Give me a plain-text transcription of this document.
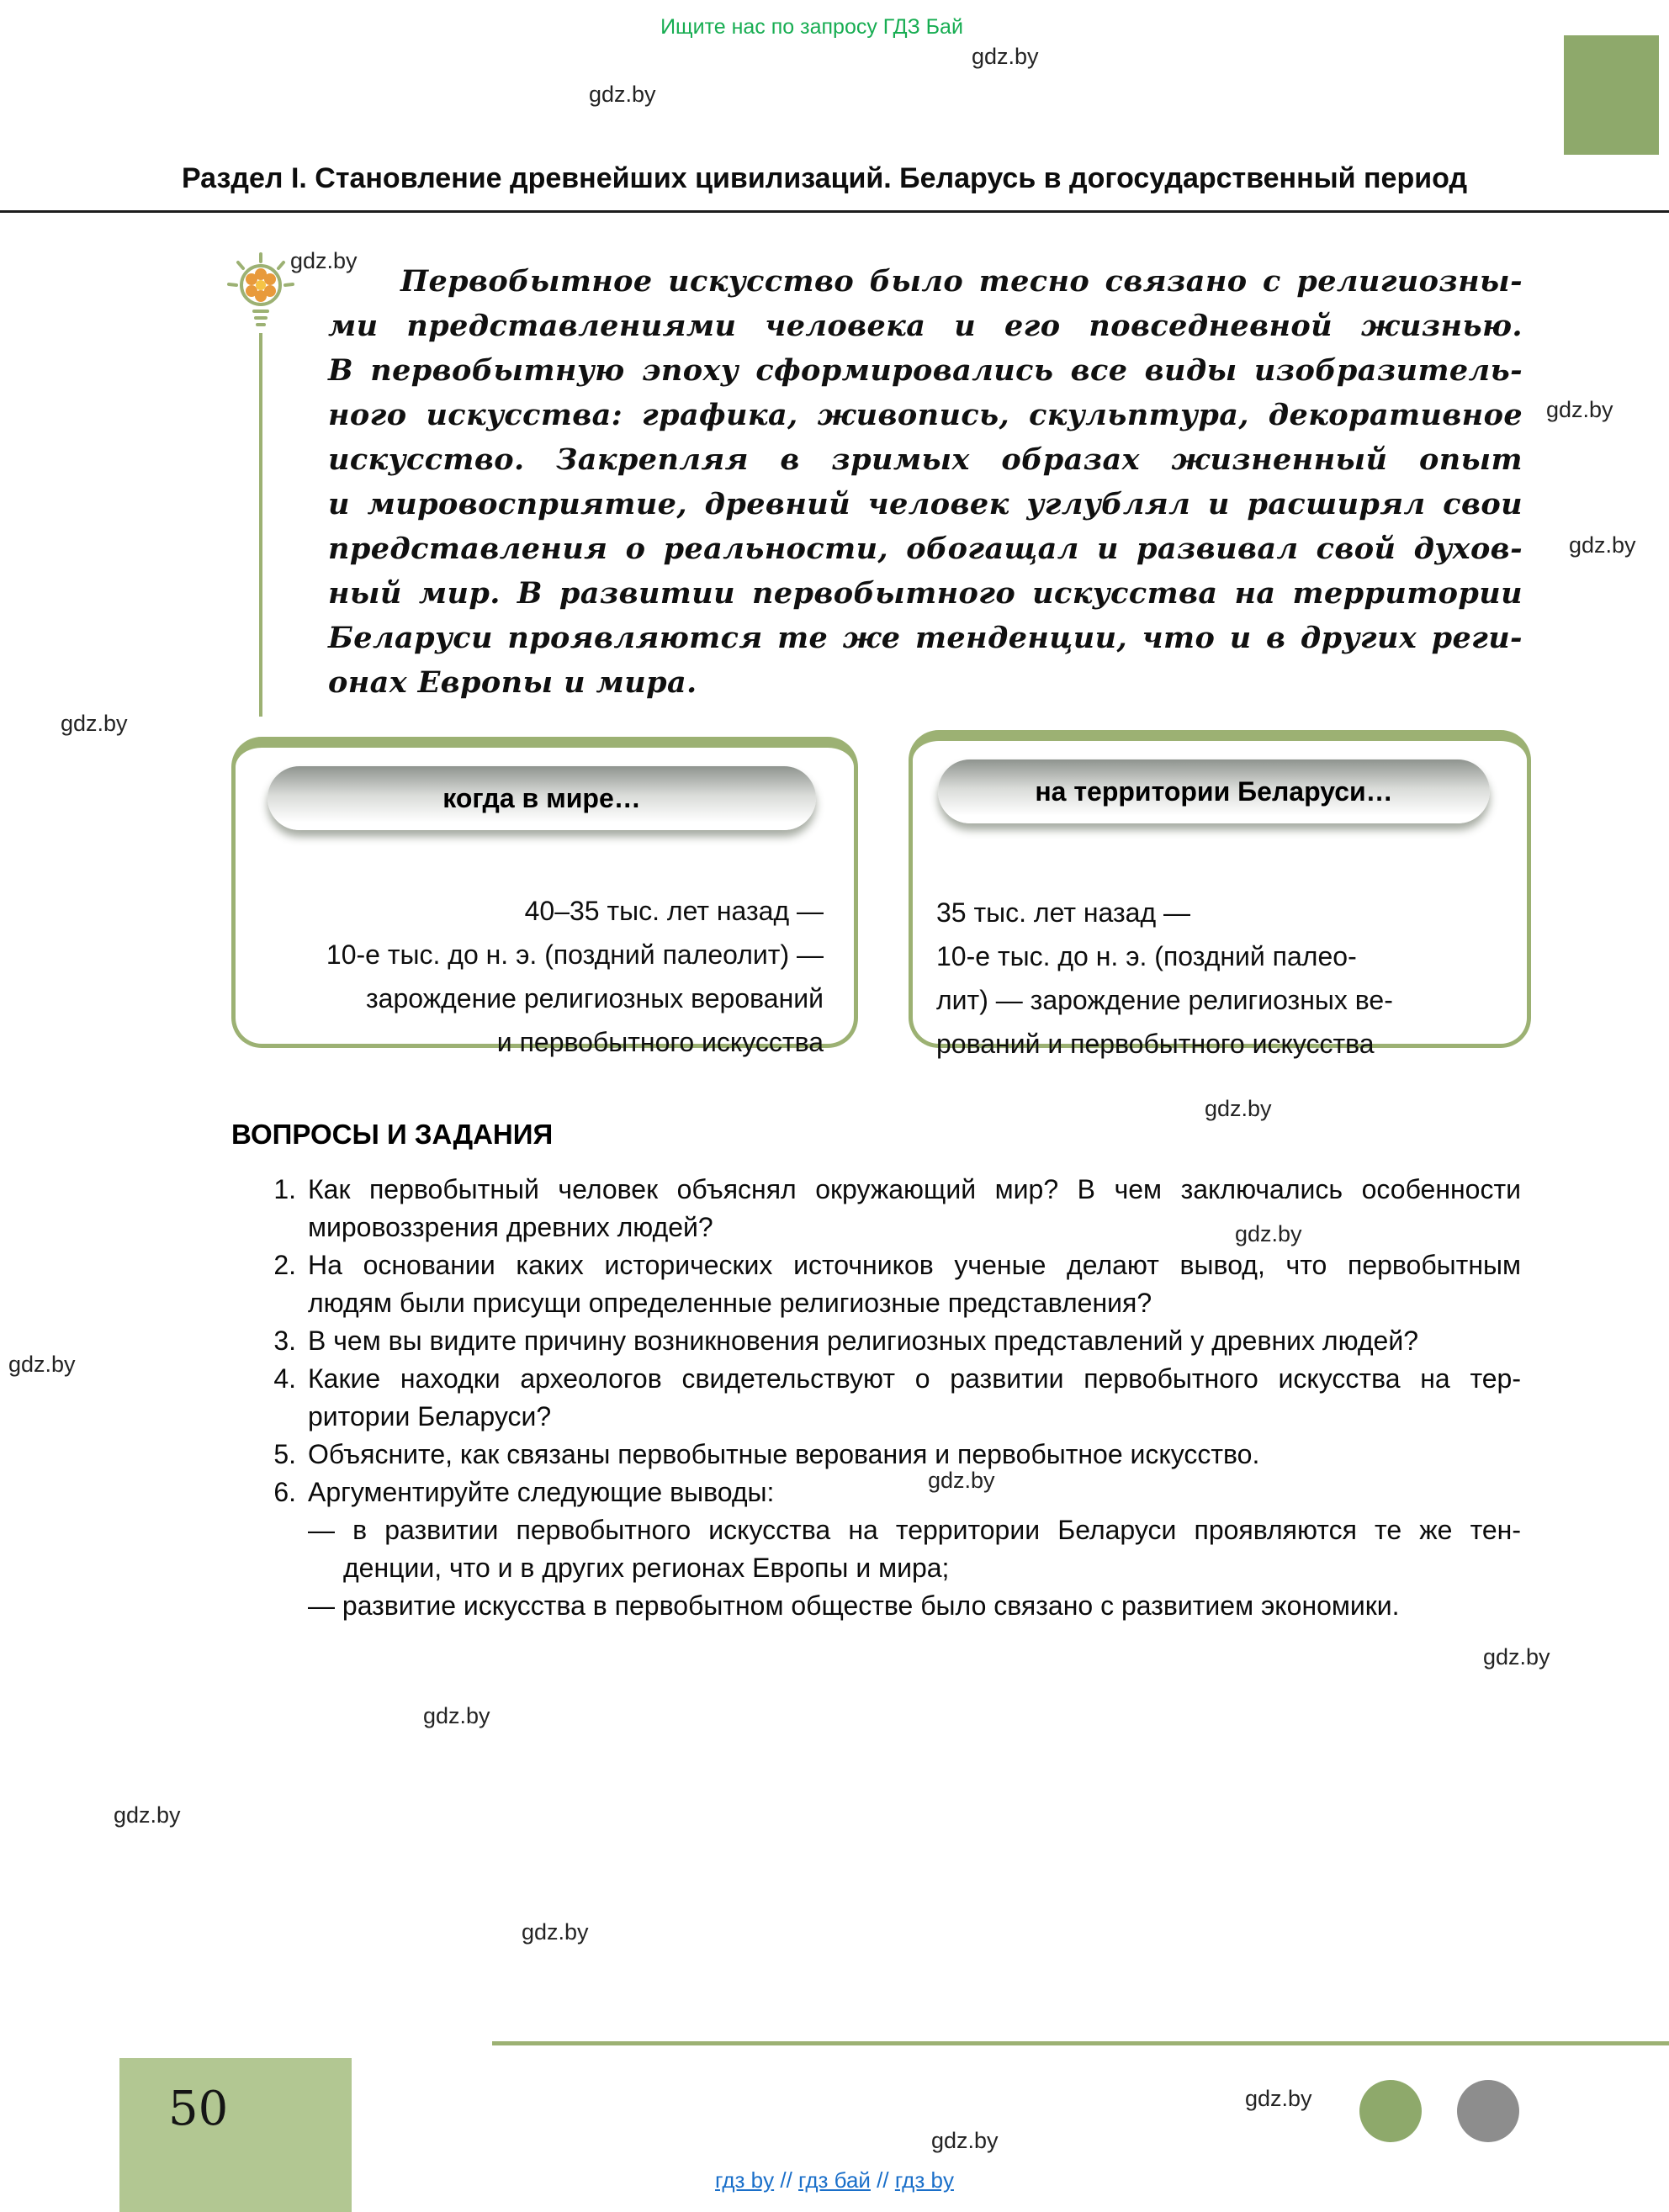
Ищите нас по запросу ГДЗ Бай
gdz.by
gdz.by
gdz.by
gdz.by
gdz.by
gdz.by
gdz.by
gdz.by
gdz.by
gdz.by
gdz.by
gdz.by
gdz.by
gdz.by
gdz.by
gdz.by
Раздел I. Становление древнейших цивилизаций. Беларусь в догосударственный период
Первобытное искусство было тесно связано с религиозны-
ми представлениями человека и его повседневной жизнью.
В первобытную эпоху сформировались все виды изобразитель-
ного искусства: графика, живопись, скульптура, декоративное
искусство. Закрепляя в зримых образах жизненный опыт
и мировосприятие, древний человек углублял и расширял свои
представления о реальности, обогащал и развивал свой духов-
ный мир. В развитии первобытного искусства на территории
Беларуси проявляются те же тенденции, что и в других реги-
онах Европы и мира.
когда в мире…
40–35 тыс. лет назад —
10-е тыс. до н. э. (поздний палеолит) —
зарождение религиозных верований
и первобытного искусства
на территории Беларуси…
35 тыс. лет назад —
10-е тыс. до н. э. (поздний палео-
лит) — зарождение религиозных ве-
рований и первобытного искусства
ВОПРОСЫ И ЗАДАНИЯ
1. Как первобытный человек объяснял окружающий мир? В чем заключались особенности
мировоззрения древних людей?
2. На основании каких исторических источников ученые делают вывод, что первобытным
людям были присущи определенные религиозные представления?
3. В чем вы видите причину возникновения религиозных представлений у древних людей?
4. Какие находки археологов свидетельствуют о развитии первобытного искусства на тер-
ритории Беларуси?
5. Объясните, как связаны первобытные верования и первобытное искусство.
6. Аргументируйте следующие выводы:
— в развитии первобытного искусства на территории Беларуси проявляются те же тен-
денции, что и в других регионах Европы и мира;
— развитие искусства в первобытном обществе было связано с развитием экономики.
50
гдз by // гдз бай // гдз by
